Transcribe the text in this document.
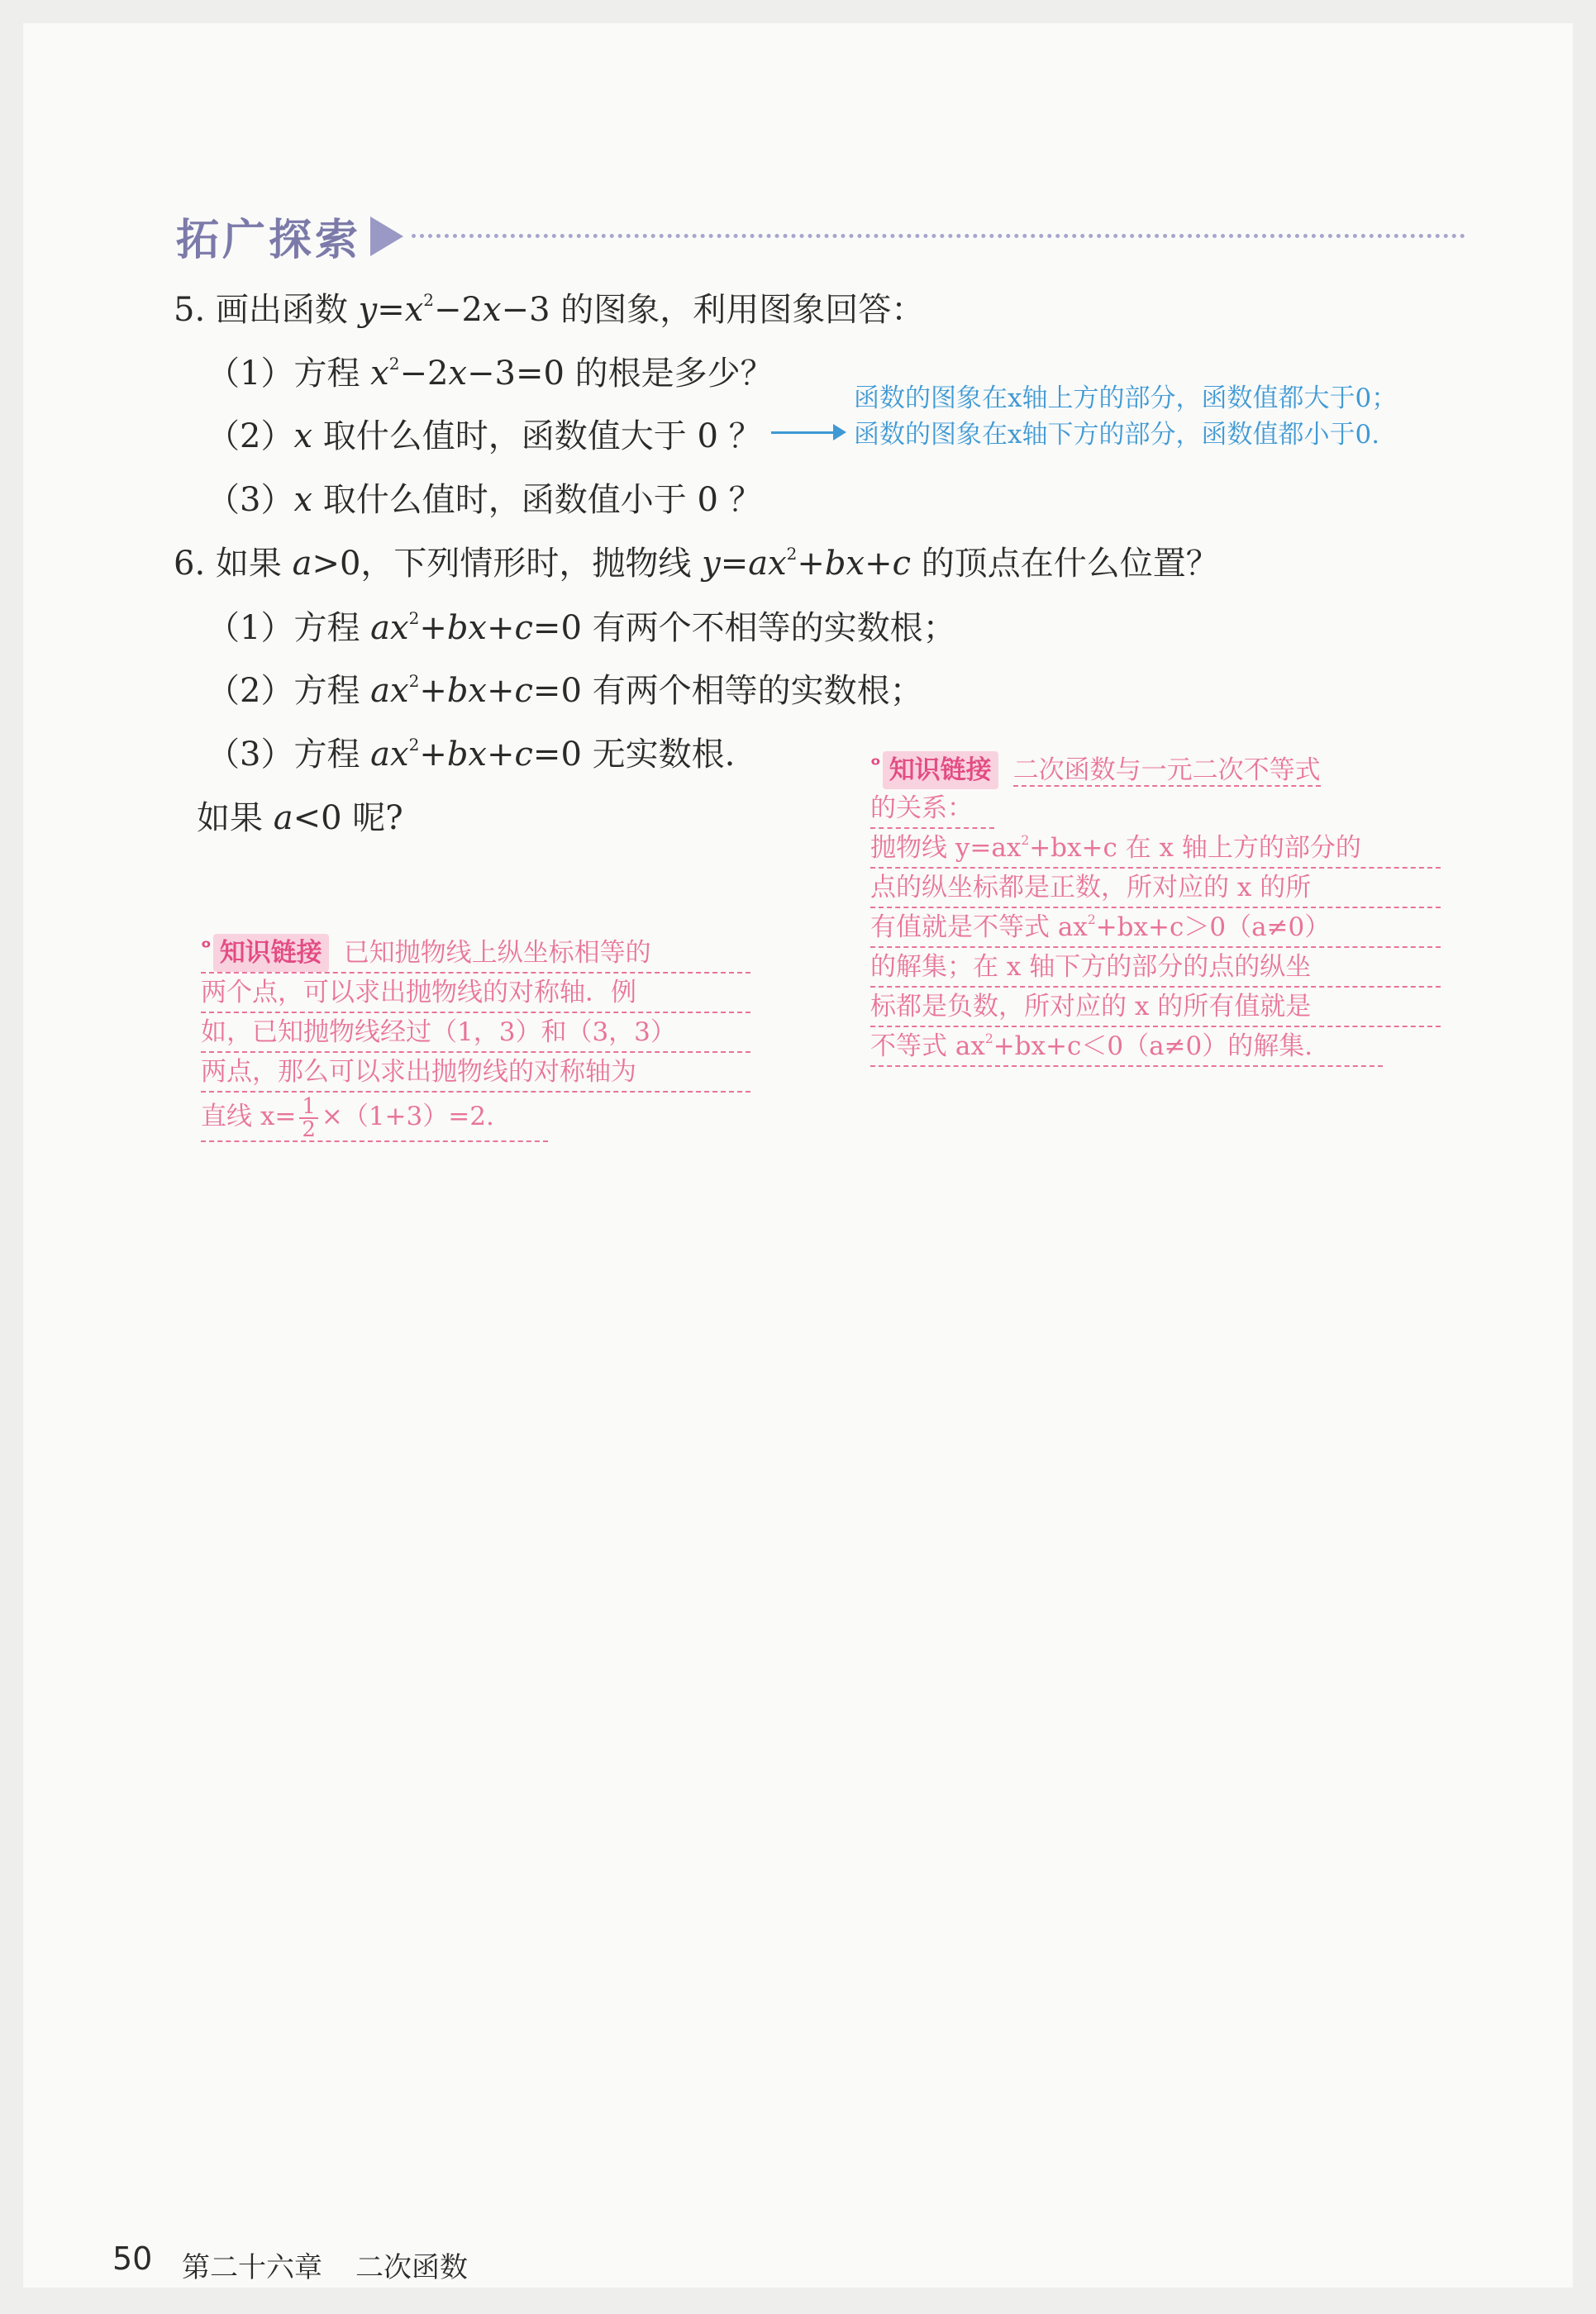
拓广探索
5. 画出函数 $y=x^2-2x-3$ 的图象，利用图象回答：
（1）方程 $x^2-2x-3=0$ 的根是多少？
（2）x 取什么值时，函数值大于 0 ？
（3）x 取什么值时，函数值小于 0 ？
函数的图象在x轴上方的部分，函数值都大于0；函数的图象在x轴下方的部分，函数值都小于0.
6. 如果 a>0，下列情形时，抛物线 $y=ax^2+bx+c$ 的顶点在什么位置？
（1）方程 $ax^2+bx+c=0$ 有两个不相等的实数根；
（2）方程 $ax^2+bx+c=0$ 有两个相等的实数根；
（3）方程 $ax^2+bx+c=0$ 无实数根.
如果 a<0 呢?
ᵒ 知识链接 已知抛物线上纵坐标相等的
两个点，可以求出抛物线的对称轴．例
如，已知抛物线经过（1，3）和（3，3）
两点，那么可以求出抛物线的对称轴为
直线 $x= \frac{1}{2} \times(1+3)=2$.
ᵒ 知识链接 二次函数与一元二次不等式
的关系：
抛物线 $y=ax^2+bx+c$ 在 x 轴上方的部分的
点的纵坐标都是正数，所对应的 x 的所
有值就是不等式 $ax^2+bx+c>0(a\ne 0)$
的解集；在 x 轴下方的部分的点的纵坐
标都是负数，所对应的 x 的所有值就是
不等式 $ax^2+bx+c<0(a\ne 0)$的解集.
50 第二十六章 二次函数
